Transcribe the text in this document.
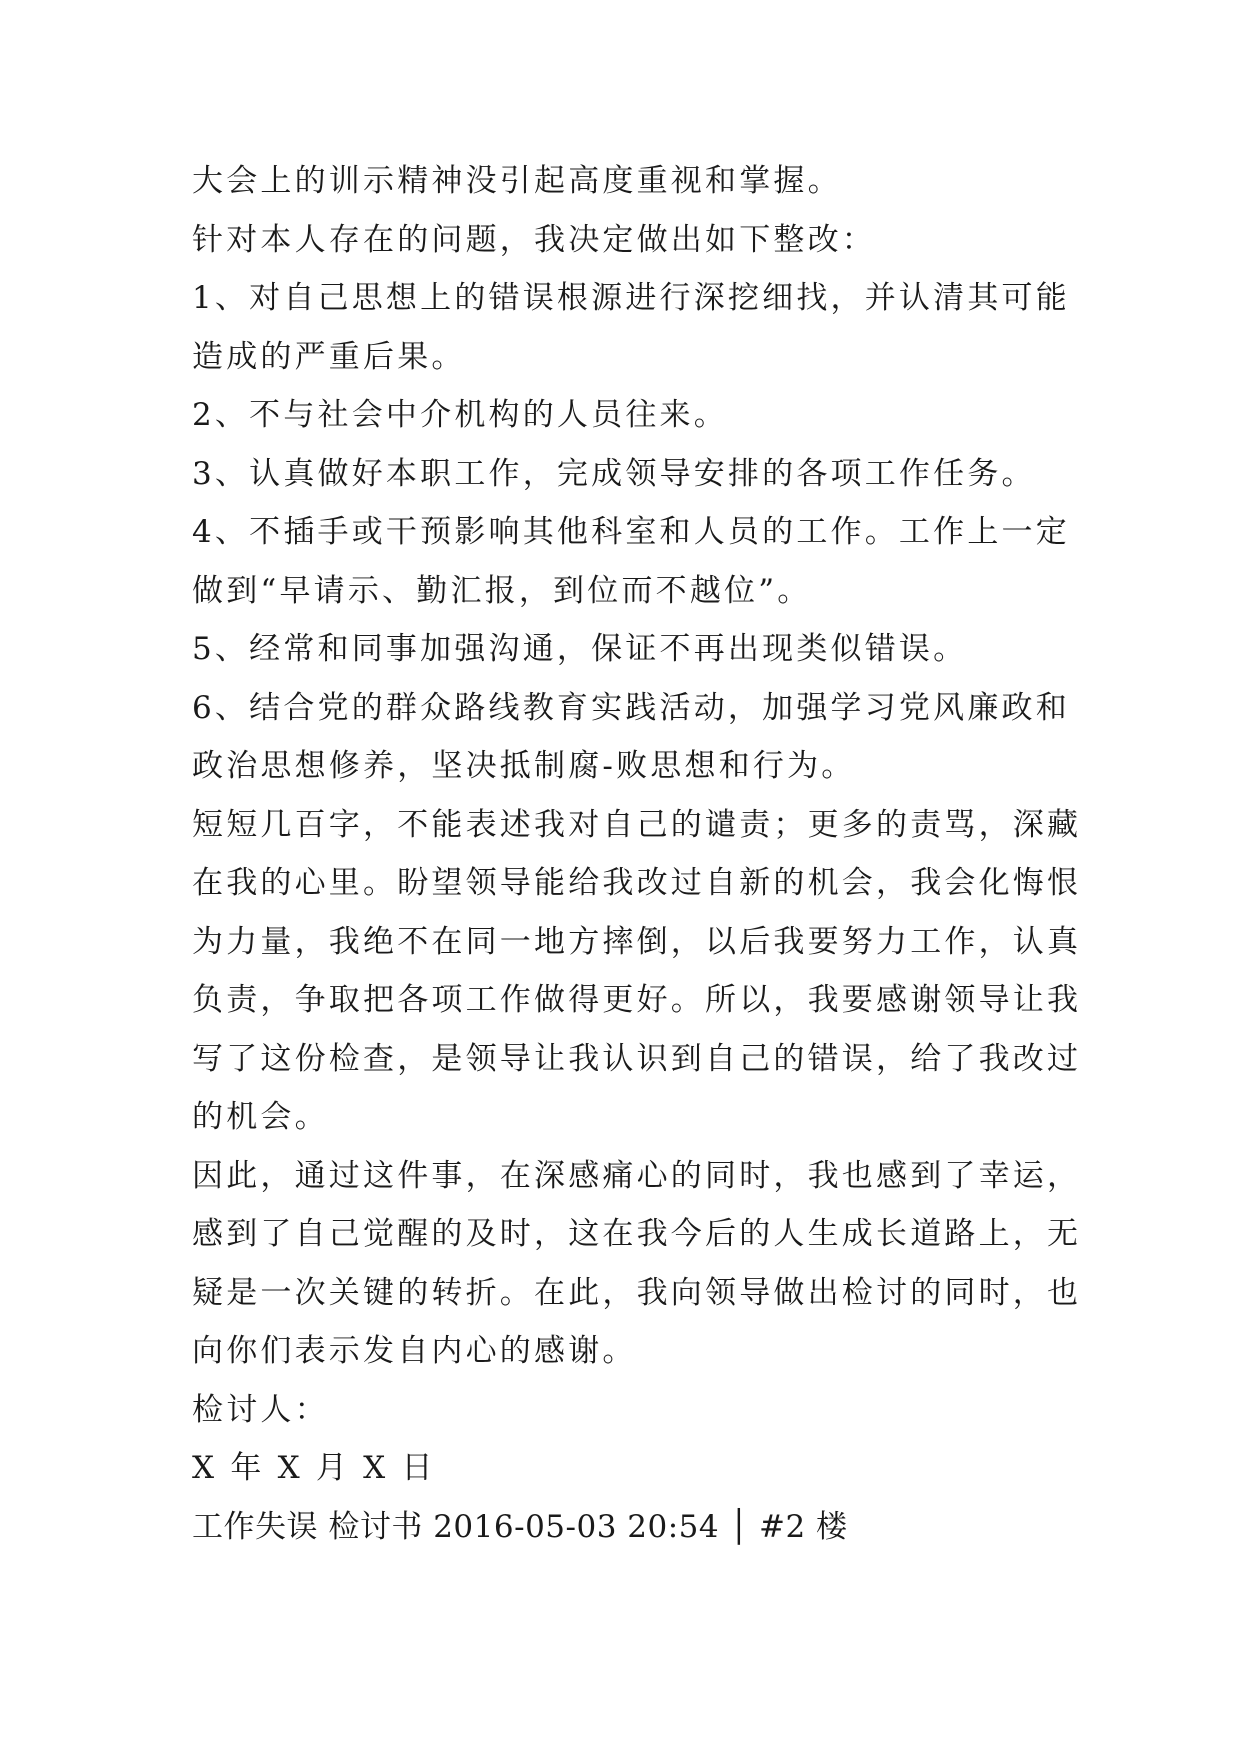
大会上的训示精神没引起高度重视和掌握。
针对本人存在的问题，我决定做出如下整改：
1、对自己思想上的错误根源进行深挖细找，并认清其可能
造成的严重后果。
2、不与社会中介机构的人员往来。
3、认真做好本职工作，完成领导安排的各项工作任务。
4、不插手或干预影响其他科室和人员的工作。工作上一定
做到“早请示、勤汇报，到位而不越位”。
5、经常和同事加强沟通，保证不再出现类似错误。
6、结合党的群众路线教育实践活动，加强学习党风廉政和
政治思想修养，坚决抵制腐-败思想和行为。
短短几百字，不能表述我对自己的谴责；更多的责骂，深藏
在我的心里。盼望领导能给我改过自新的机会，我会化悔恨
为力量，我绝不在同一地方摔倒，以后我要努力工作，认真
负责，争取把各项工作做得更好。所以，我要感谢领导让我
写了这份检查，是领导让我认识到自己的错误，给了我改过
的机会。
因此，通过这件事，在深感痛心的同时，我也感到了幸运，
感到了自己觉醒的及时，这在我今后的人生成长道路上，无
疑是一次关键的转折。在此，我向领导做出检讨的同时，也
向你们表示发自内心的感谢。
检讨人：
X 年 X 月 X 日
工作失误 检讨书 2016-05-03 20:54 │ #2 楼
